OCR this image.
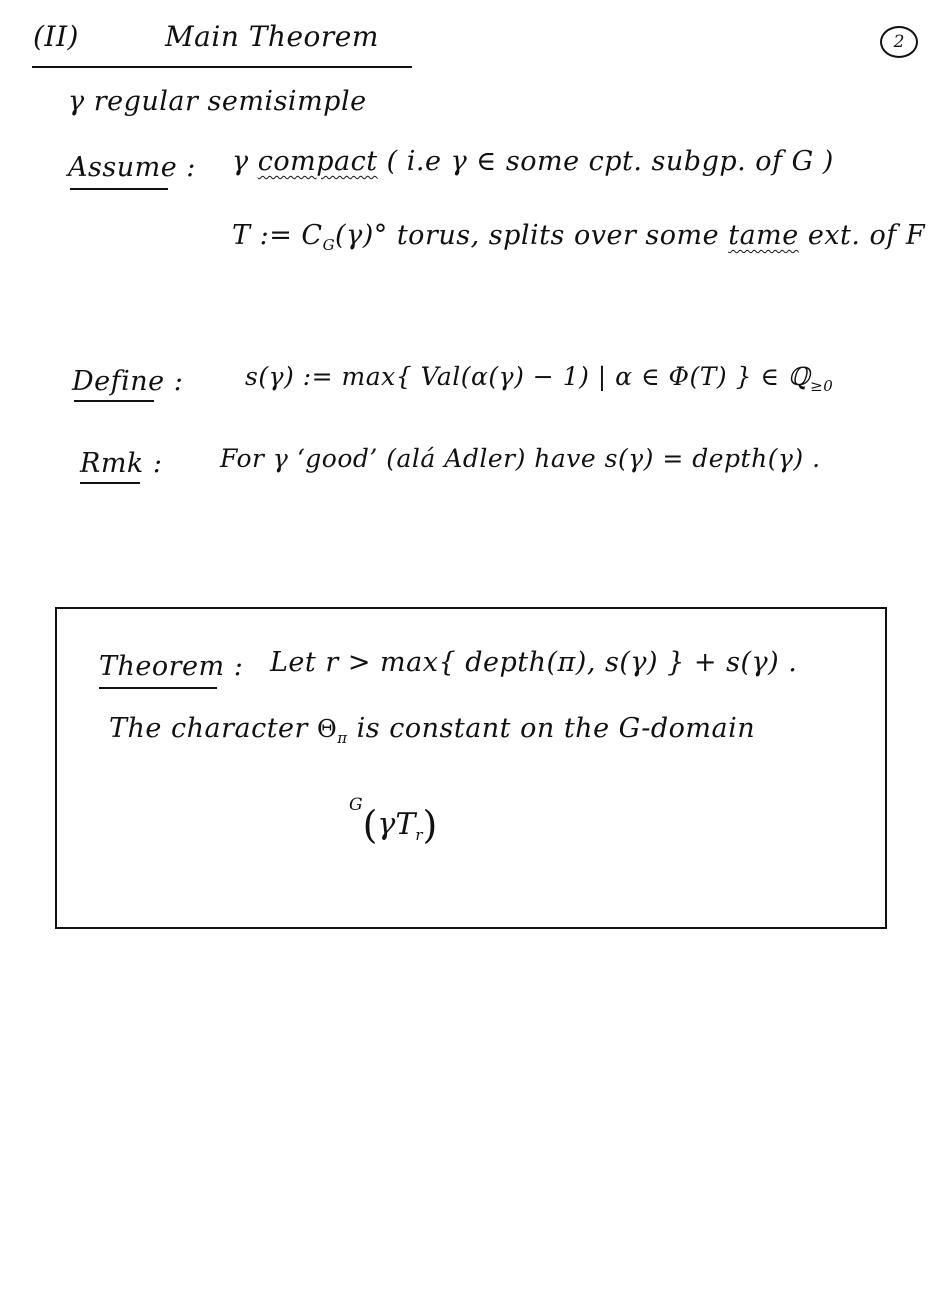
(II)	Main Theorem	2
γ regular semisimple
Assume : γ compact ( i.e γ ∈ some cpt. subgp. of G )
T := $C_G(\gamma)^\circ$ torus, splits over some tame ext. of F
Define : s(γ) := max{ Val(α(γ) − 1) | α ∈ Φ(T) } ∈ ℚ$_{\ge 0}$
Rmk : For γ ‘good’ (alá Adler) have s(γ) = depth(γ) .
Theorem : Let r > max{ depth(π), s(γ) } + s(γ) .
The character $\Theta_\pi$ is constant on the G-domain
$^G(\gamma T_r)$
